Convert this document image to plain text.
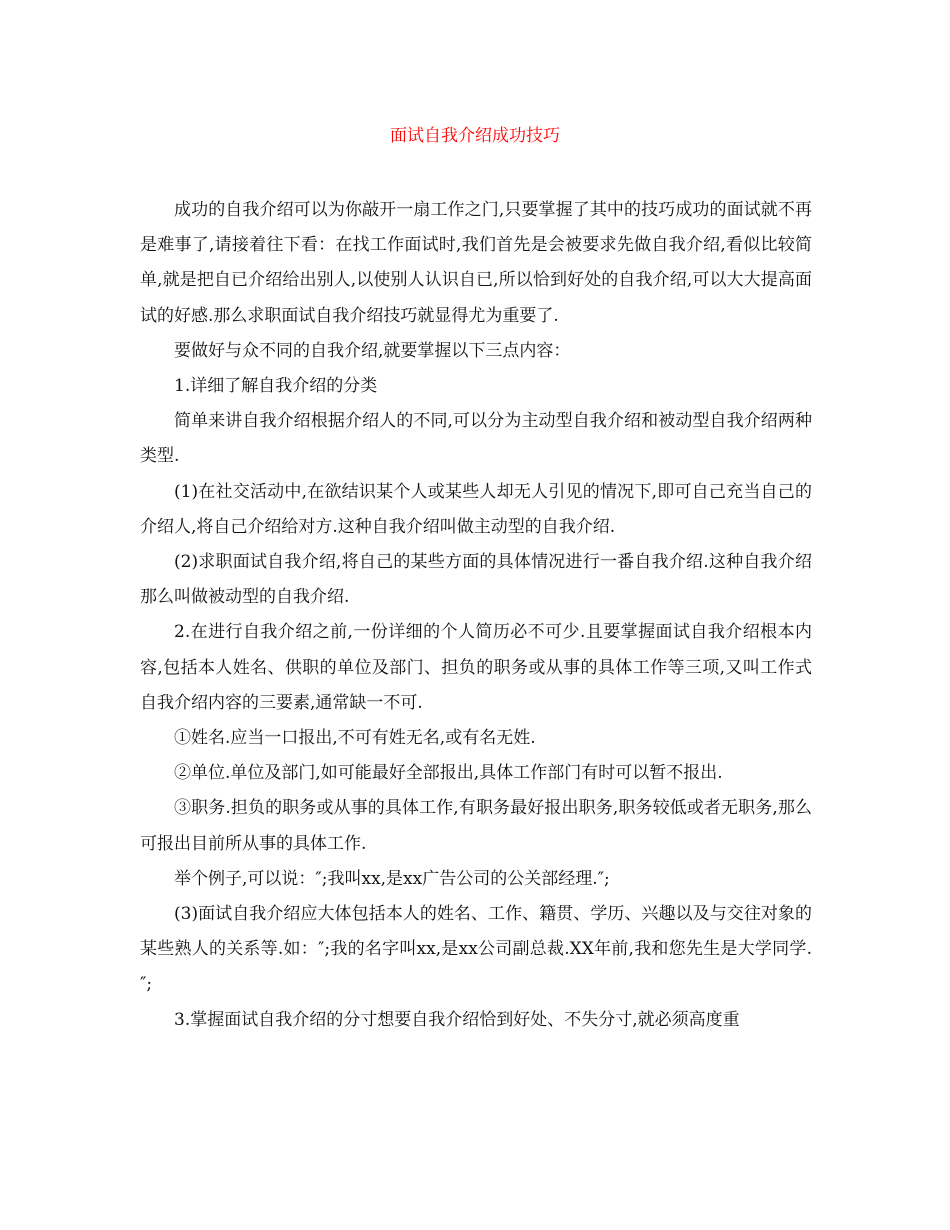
面试自我介绍成功技巧

成功的自我介绍可以为你敲开一扇工作之门,只要掌握了其中的技巧成功的面试就不再是难事了,请接着往下看：在找工作面试时,我们首先是会被要求先做自我介绍,看似比较简单,就是把自已介绍给出别人,以使别人认识自已,所以恰到好处的自我介绍,可以大大提高面试的好感.那么求职面试自我介绍技巧就显得尤为重要了.

要做好与众不同的自我介绍,就要掌握以下三点内容：

1.详细了解自我介绍的分类

简单来讲自我介绍根据介绍人的不同,可以分为主动型自我介绍和被动型自我介绍两种类型.

(1)在社交活动中,在欲结识某个人或某些人却无人引见的情况下,即可自己充当自己的介绍人,将自己介绍给对方.这种自我介绍叫做主动型的自我介绍.

(2)求职面试自我介绍,将自己的某些方面的具体情况进行一番自我介绍.这种自我介绍那么叫做被动型的自我介绍.

2.在进行自我介绍之前,一份详细的个人简历必不可少.且要掌握面试自我介绍根本内容,包括本人姓名、供职的单位及部门、担负的职务或从事的具体工作等三项,又叫工作式自我介绍内容的三要素,通常缺一不可.

①姓名.应当一口报出,不可有姓无名,或有名无姓.

②单位.单位及部门,如可能最好全部报出,具体工作部门有时可以暂不报出.

③职务.担负的职务或从事的具体工作,有职务最好报出职务,职务较低或者无职务,那么可报出目前所从事的具体工作.

举个例子,可以说：″;我叫xx,是xx广告公司的公关部经理.″;

(3)面试自我介绍应大体包括本人的姓名、工作、籍贯、学历、兴趣以及与交往对象的某些熟人的关系等.如：″;我的名字叫xx,是xx公司副总裁.XX年前,我和您先生是大学同学.″;

3.掌握面试自我介绍的分寸想要自我介绍恰到好处、不失分寸,就必须高度重
